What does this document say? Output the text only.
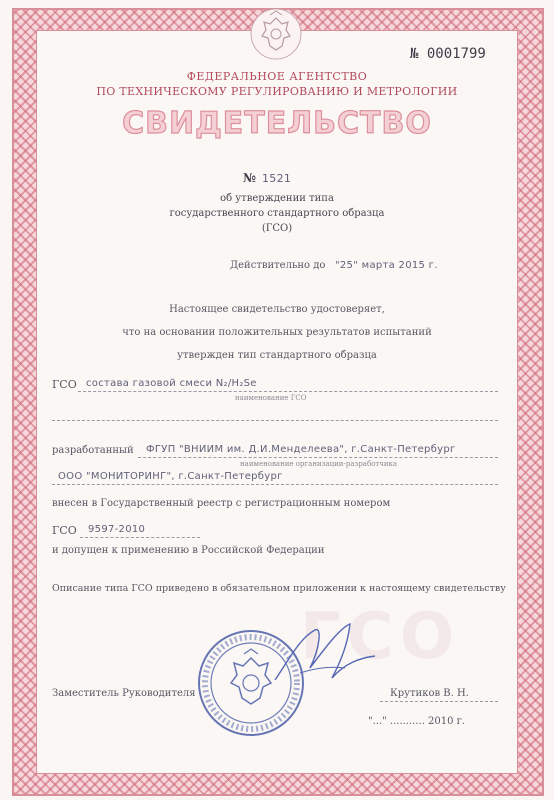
№ 0001799
ФЕДЕРАЛЬНОЕ АГЕНТСТВО
ПО ТЕХНИЧЕСКОМУ РЕГУЛИРОВАНИЮ И МЕТРОЛОГИИ
СВИДЕТЕЛЬСТВО
№ 1521
об утверждении типа
государственного стандартного образца
(ГСО)
Действительно до "25" марта 2015 г.
Настоящее свидетельство удостоверяет,
что на основании положительных результатов испытаний
утвержден тип стандартного образца
ГСО состава газовой смеси N₂/H₂Se
наименование ГСО
разработанный ФГУП "ВНИИМ им. Д.И.Менделеева", г.Санкт-Петербург
наименование организации-разработчика
ООО "МОНИТОРИНГ", г.Санкт-Петербург
внесен в Государственный реестр с регистрационным номером
ГСО 9597-2010
и допущен к применению в Российской Федерации
Описание типа ГСО приведено в обязательном приложении к настоящему свидетельству
ГСО
Заместитель Руководителя	Крутиков В. Н.
"..." ........... 2010 г.
